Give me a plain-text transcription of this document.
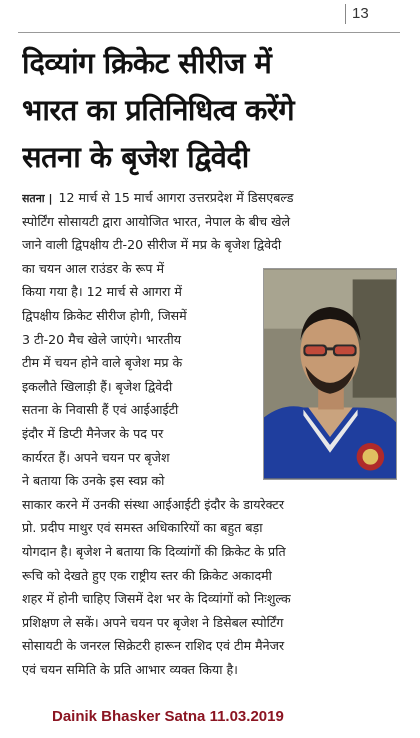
13
दिव्यांग क्रिकेट सीरीज में
भारत का प्रतिनिधित्व करेंगे
सतना के बृजेश द्विवेदी
सतना | 12 मार्च से 15 मार्च आगरा उत्तरप्रदेश में डिसएबल्ड
स्पोर्टिंग सोसायटी द्वारा आयोजित भारत, नेपाल के बीच खेले
जाने वाली द्विपक्षीय टी-20 सीरीज में मप्र के बृजेश द्विवेदी
का चयन आल राउंडर के रूप में
किया गया है। 12 मार्च से आगरा में
द्विपक्षीय क्रिकेट सीरीज होगी, जिसमें
3 टी-20 मैच खेले जाएंगे। भारतीय
टीम में चयन होने वाले बृजेश मप्र के
इकलौते खिलाड़ी हैं। बृजेश द्विवेदी
सतना के निवासी हैं एवं आईआईटी
इंदौर में डिप्टी मैनेजर के पद पर
कार्यरत हैं। अपने चयन पर बृजेश
ने बताया कि उनके इस स्वप्न को
साकार करने में उनकी संस्था आईआईटी इंदौर के डायरेक्टर
प्रो. प्रदीप माथुर एवं समस्त अधिकारियों का बहुत बड़ा
योगदान है। बृजेश ने बताया कि दिव्यांगों की क्रिकेट के प्रति
रूचि को देखते हुए एक राष्ट्रीय स्तर की क्रिकेट अकादमी
शहर में होनी चाहिए जिसमें देश भर के दिव्यांगों को निःशुल्क
प्रशिक्षण ले सकें। अपने चयन पर बृजेश ने डिसेबल स्पोर्टिंग
सोसायटी के जनरल सिक्रेटरी हारून राशिद एवं टीम मैनेजर
एवं चयन समिति के प्रति आभार व्यक्त किया है।
Dainik Bhasker Satna 11.03.2019
